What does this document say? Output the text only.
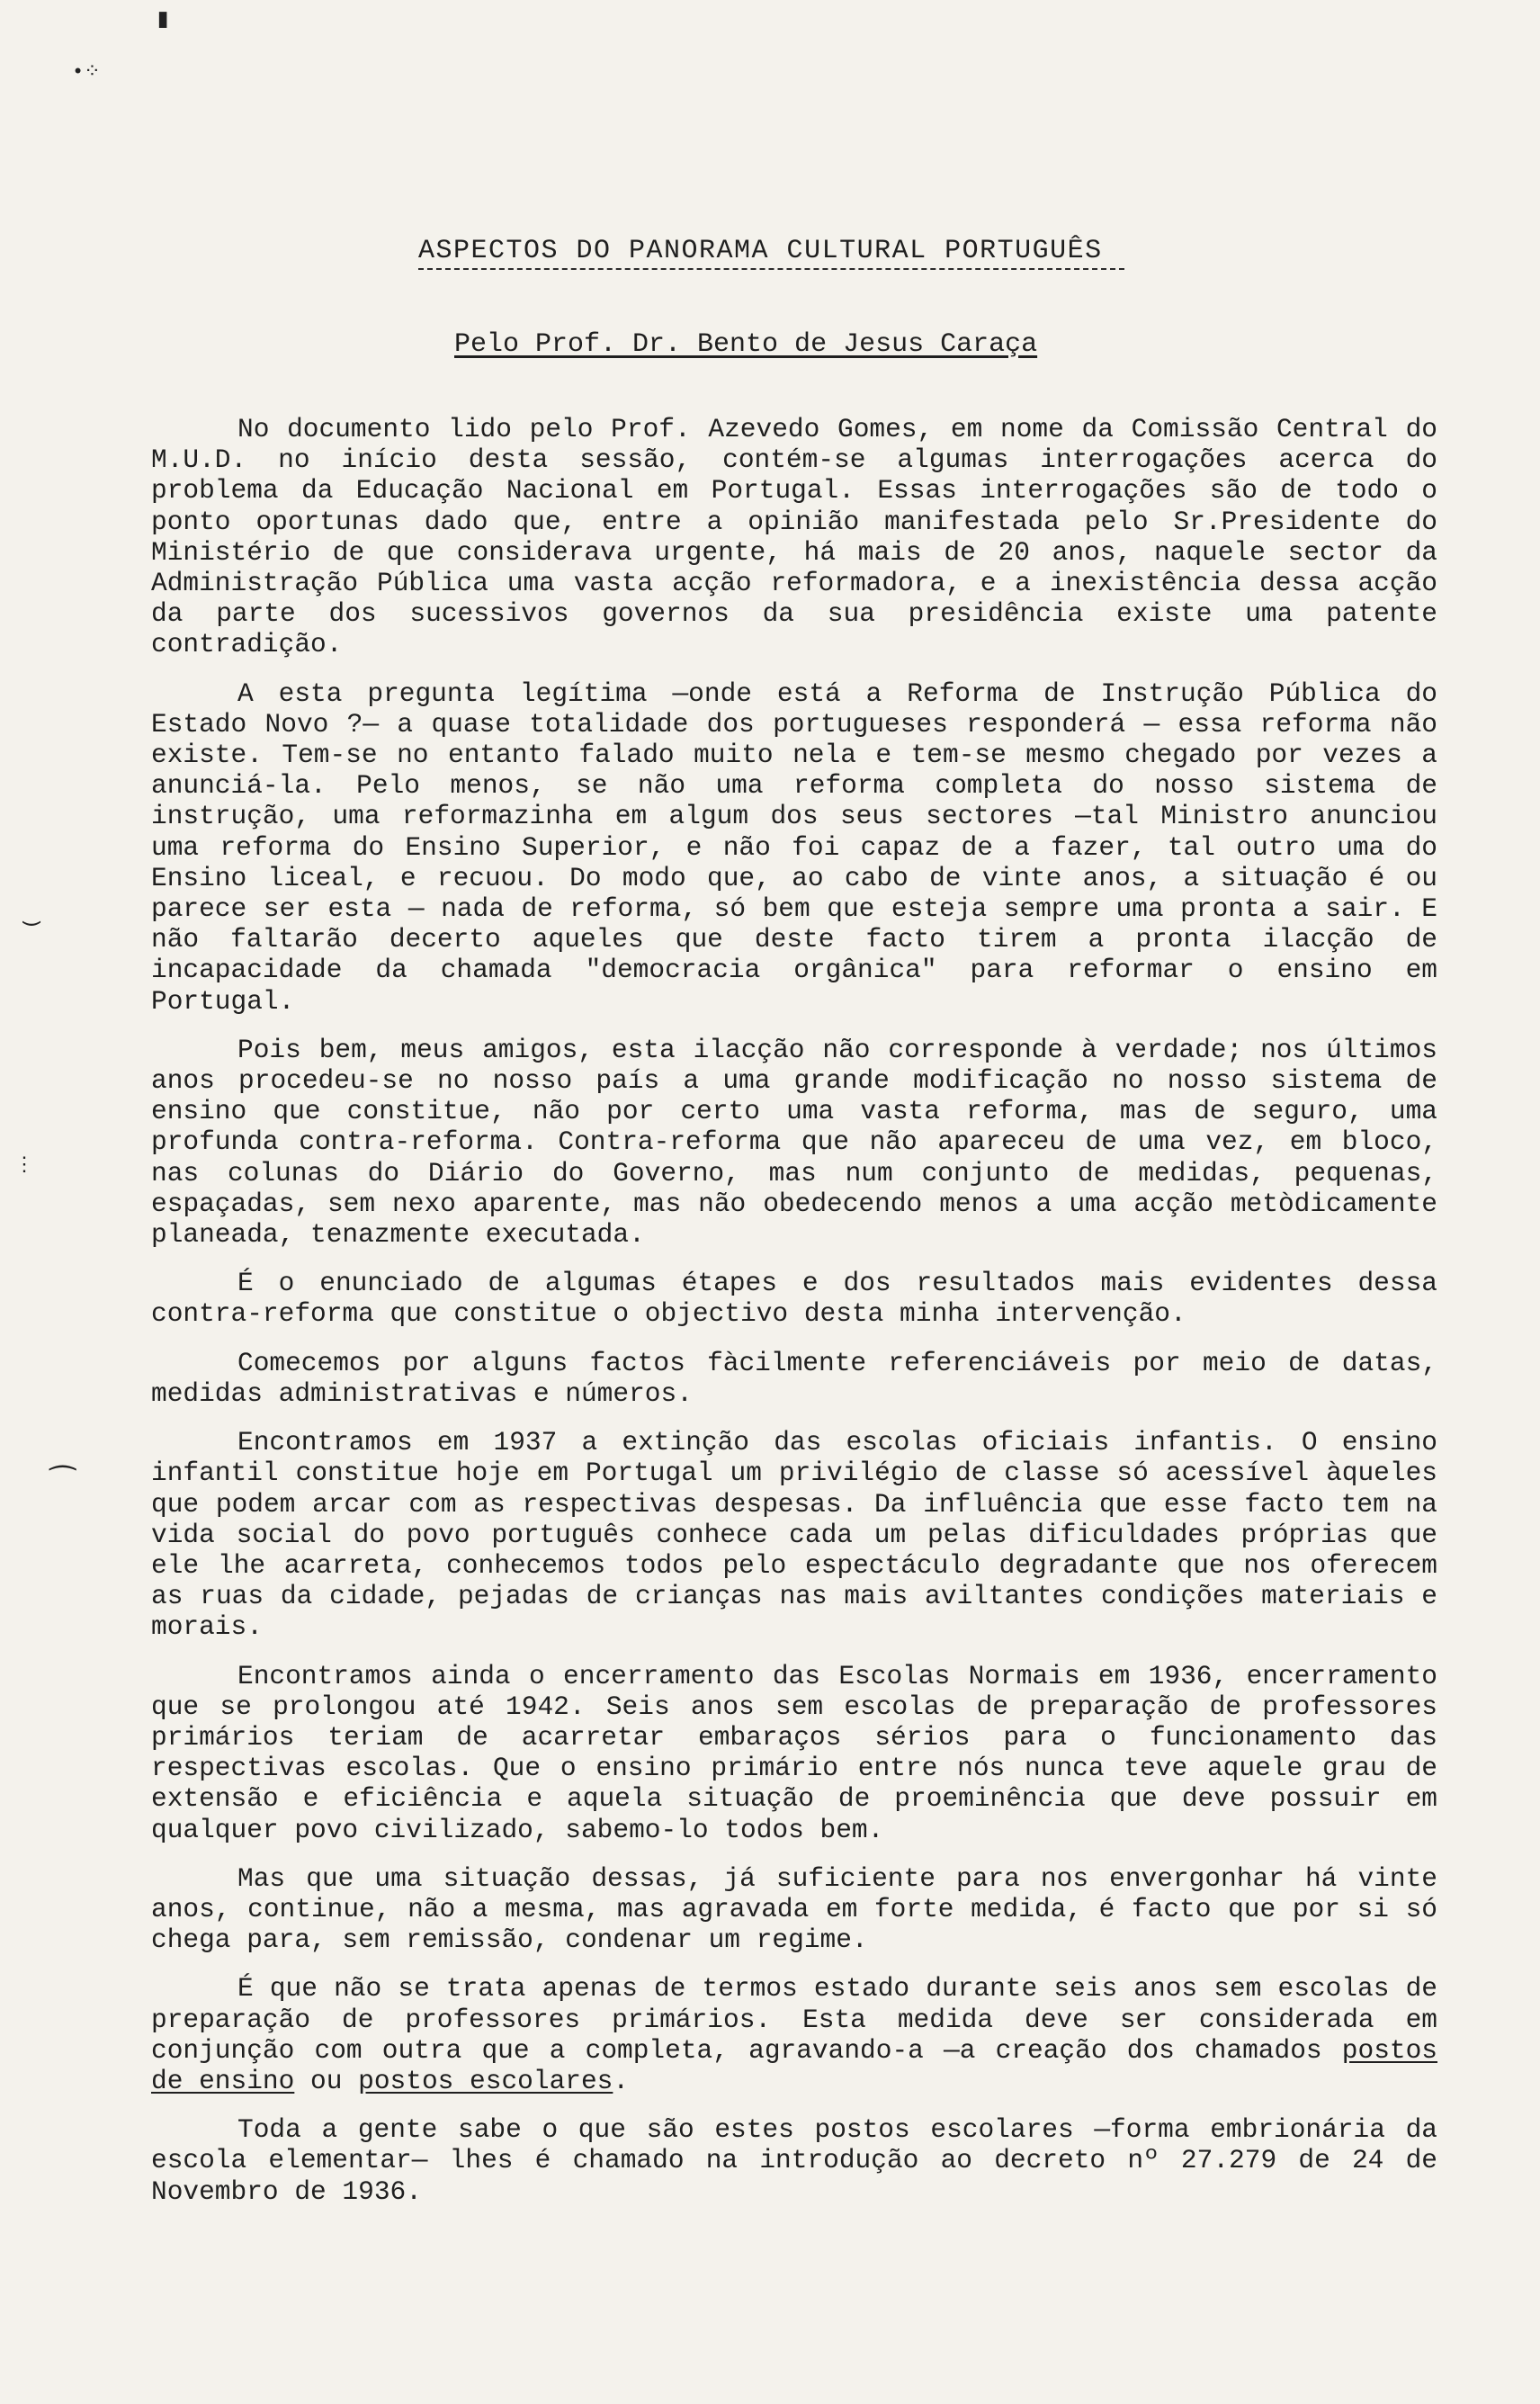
▮
•⁘
‿
⋮
⁀
ASPECTOS DO PANORAMA CULTURAL PORTUGUÊS
Pelo Prof. Dr. Bento de Jesus Caraça

No documento lido pelo Prof. Azevedo Gomes, em nome da Comissão Central do M.U.D. no início desta sessão, contém-se algumas interrogações acerca do problema da Educação Nacional em Portugal. Essas interrogações são de todo o ponto oportunas dado que, entre a opinião manifestada pelo Sr.Presidente do Ministério de que considerava urgente, há mais de 20 anos, naquele sector da Administração Pública uma vasta acção reformadora, e a inexistência dessa acção da parte dos sucessivos governos da sua presidência existe uma patente contradição.

A esta pregunta legítima —onde está a Reforma de Instrução Pública do Estado Novo ?— a quase totalidade dos portugueses responderá — essa reforma não existe. Tem-se no entanto falado muito nela e tem-se mesmo chegado por vezes a anunciá-la. Pelo menos, se não uma reforma completa do nosso sistema de instrução, uma reformazinha em algum dos seus sectores —tal Ministro anunciou uma reforma do Ensino Superior, e não foi capaz de a fazer, tal outro uma do Ensino liceal, e recuou. Do modo que, ao cabo de vinte anos, a situação é ou parece ser esta — nada de reforma, só bem que esteja sempre uma pronta a sair. E não faltarão decerto aqueles que deste facto tirem a pronta ilacção de incapacidade da chamada "democracia orgânica" para reformar o ensino em Portugal.

Pois bem, meus amigos, esta ilacção não corresponde à verdade; nos últimos anos procedeu-se no nosso país a uma grande modificação no nosso sistema de ensino que constitue, não por certo uma vasta reforma, mas de seguro, uma profunda contra-reforma. Contra-reforma que não apareceu de uma vez, em bloco, nas colunas do Diário do Governo, mas num conjunto de medidas, pequenas, espaçadas, sem nexo aparente, mas não obedecendo menos a uma acção metòdicamente planeada, tenazmente executada.

É o enunciado de algumas étapes e dos resultados mais evidentes dessa contra-reforma que constitue o objectivo desta minha intervenção.

Comecemos por alguns factos fàcilmente referenciáveis por meio de datas, medidas administrativas e números.

Encontramos em 1937 a extinção das escolas oficiais infantis. O ensino infantil constitue hoje em Portugal um privilégio de classe só acessível àqueles que podem arcar com as respectivas despesas. Da influência que esse facto tem na vida social do povo português conhece cada um pelas dificuldades próprias que ele lhe acarreta, conhecemos todos pelo espectáculo degradante que nos oferecem as ruas da cidade, pejadas de crianças nas mais aviltantes condições materiais e morais.

Encontramos ainda o encerramento das Escolas Normais em 1936, encerramento que se prolongou até 1942. Seis anos sem escolas de preparação de professores primários teriam de acarretar embaraços sérios para o funcionamento das respectivas escolas. Que o ensino primário entre nós nunca teve aquele grau de extensão e eficiência e aquela situação de proeminência que deve possuir em qualquer povo civilizado, sabemo-lo todos bem.

Mas que uma situação dessas, já suficiente para nos envergonhar há vinte anos, continue, não a mesma, mas agravada em forte medida, é facto que por si só chega para, sem remissão, condenar um regime.

É que não se trata apenas de termos estado durante seis anos sem escolas de preparação de professores primários. Esta medida deve ser considerada em conjunção com outra que a completa, agravando-a —a creação dos chamados postos de ensino ou postos escolares.

Toda a gente sabe o que são estes postos escolares —forma embrionária da escola elementar— lhes é chamado na introdução ao decreto nº 27.279 de 24 de Novembro de 1936.
